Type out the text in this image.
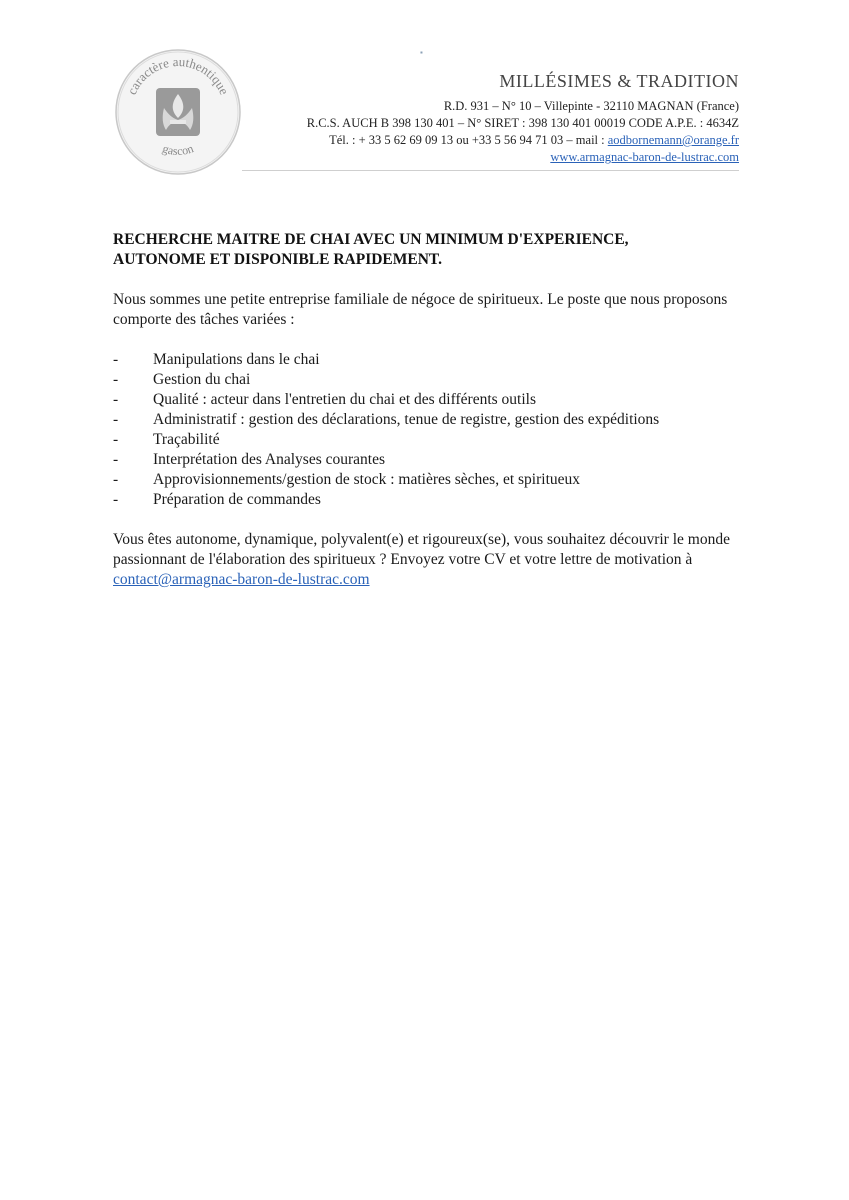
▪
caractère authentique
gascon
MILLÉSIMES & TRADITION
R.D. 931 – N° 10 – Villepinte - 32110 MAGNAN (France)
R.C.S. AUCH B 398 130 401 – N° SIRET : 398 130 401 00019 CODE A.P.E. : 4634Z
Tél. : + 33 5 62 69 09 13 ou +33 5 56 94 71 03 – mail : aodbornemann@orange.fr
www.armagnac-baron-de-lustrac.com
RECHERCHE MAITRE DE CHAI AVEC UN MINIMUM D'EXPERIENCE,
AUTONOME ET DISPONIBLE RAPIDEMENT.

Nous sommes une petite entreprise familiale de négoce de spiritueux. Le poste que nous proposons comporte des tâches variées :

-	Manipulations dans le chai
-	Gestion du chai
-	Qualité : acteur dans l'entretien du chai et des différents outils
-	Administratif : gestion des déclarations, tenue de registre, gestion des expéditions
-	Traçabilité
-	Interprétation des Analyses courantes
-	Approvisionnements/gestion de stock : matières sèches, et spiritueux
-	Préparation de commandes

Vous êtes autonome, dynamique, polyvalent(e) et rigoureux(se), vous souhaitez découvrir le monde passionnant de l'élaboration des spiritueux ? Envoyez votre CV et votre lettre de motivation à contact@armagnac-baron-de-lustrac.com
